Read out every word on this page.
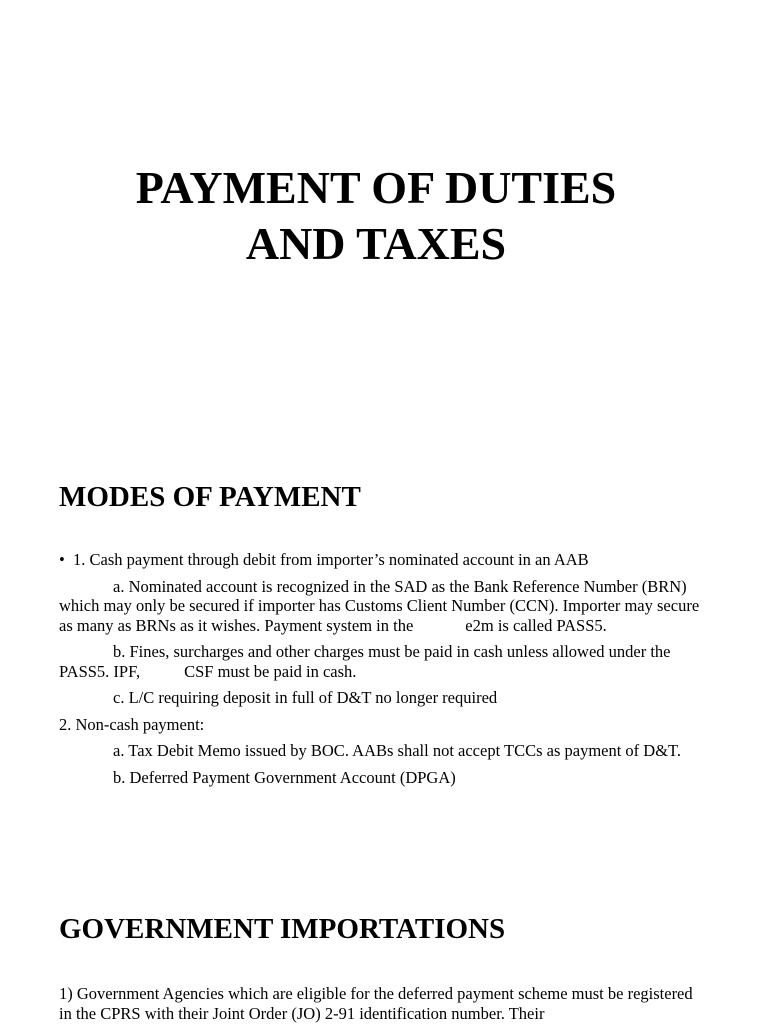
PAYMENT OF DUTIES
AND TAXES
MODES OF PAYMENT

• 1. Cash payment through debit from importer’s nominated account in an AAB

a. Nominated account is recognized in the SAD as the Bank Reference Number (BRN) which may only be secured if importer has Customs Client Number (CCN). Importer may secure as many as BRNs as it wishes. Payment system in the	e2m is called PASS5.

b. Fines, surcharges and other charges must be paid in cash unless allowed under the PASS5. IPF,	CSF must be paid in cash.

c. L/C requiring deposit in full of D&T no longer required

2. Non-cash payment:

a. Tax Debit Memo issued by BOC. AABs shall not accept TCCs as payment of D&T.

b. Deferred Payment Government Account (DPGA)

GOVERNMENT IMPORTATIONS

1) Government Agencies which are eligible for the deferred payment scheme must be registered in the CPRS with their Joint Order (JO) 2-91 identification number. Their
